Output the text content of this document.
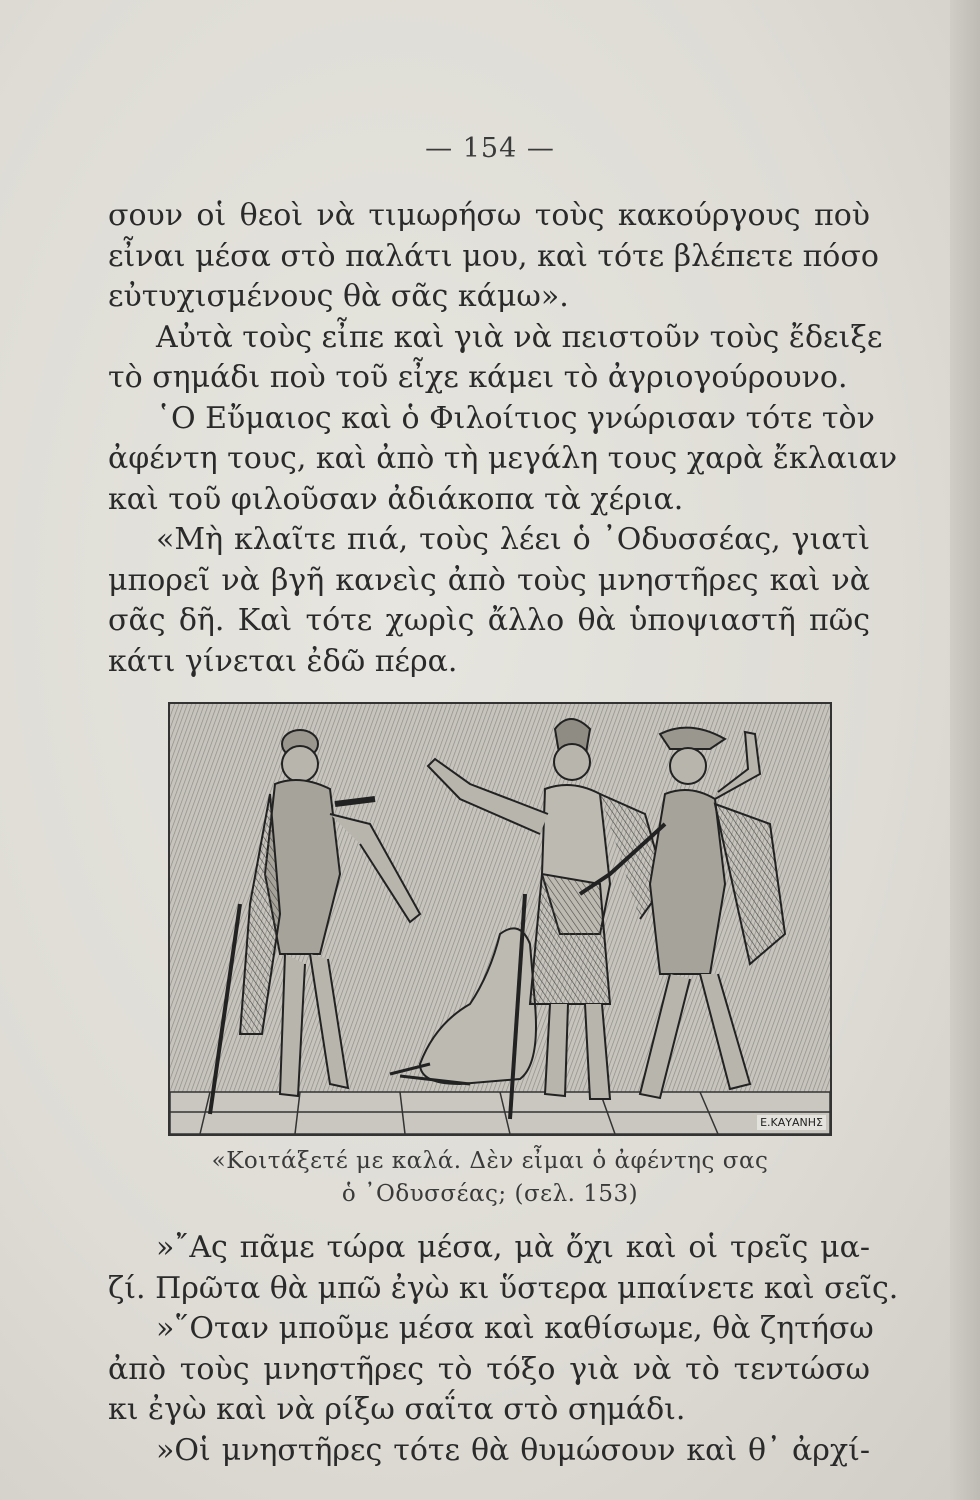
— 154 —
σουν οἱ θεοὶ νὰ τιμωρήσω τοὺς κακούργους ποὺ
εἶναι μέσα στὸ παλάτι μου, καὶ τότε βλέπετε πόσο
εὐτυχισμένους θὰ σᾶς κάμω».
Αὐτὰ τοὺς εἶπε καὶ γιὰ νὰ πειστοῦν τοὺς ἔδειξε
τὸ σημάδι ποὺ τοῦ εἶχε κάμει τὸ ἀγριογούρουνο.
῾Ο Εὔμαιος καὶ ὁ Φιλοίτιος γνώρισαν τότε τὸν
ἀφέντη τους, καὶ ἀπὸ τὴ μεγάλη τους χαρὰ ἔκλαιαν
καὶ τοῦ φιλοῦσαν ἀδιάκοπα τὰ χέρια.
«Μὴ κλαῖτε πιά, τοὺς λέει ὁ ᾿Οδυσσέας, γιατὶ
μπορεῖ νὰ βγῆ κανεὶς ἀπὸ τοὺς μνηστῆρες καὶ νὰ
σᾶς δῆ. Καὶ τότε χωρὶς ἄλλο θὰ ὑποψιαστῆ πῶς
κάτι γίνεται ἐδῶ πέρα.
Ε.ΚΑΥΑΝΗΣ
«Κοιτάξετέ με καλά. Δὲν εἶμαι ὁ ἀφέντης σας
ὁ ᾿Οδυσσέας; (σελ. 153)
»῎Ας πᾶμε τώρα μέσα, μὰ ὄχι καὶ οἱ τρεῖς μα-
ζί. Πρῶτα θὰ μπῶ ἐγὼ κι ὕστερα μπαίνετε καὶ σεῖς.
»῞Οταν μποῦμε μέσα καὶ καθίσωμε, θὰ ζητήσω
ἀπὸ τοὺς μνηστῆρες τὸ τόξο γιὰ νὰ τὸ τεντώσω
κι ἐγὼ καὶ νὰ ρίξω σαΐτα στὸ σημάδι.
»Οἱ μνηστῆρες τότε θὰ θυμώσουν καὶ θ᾿ ἀρχί-
